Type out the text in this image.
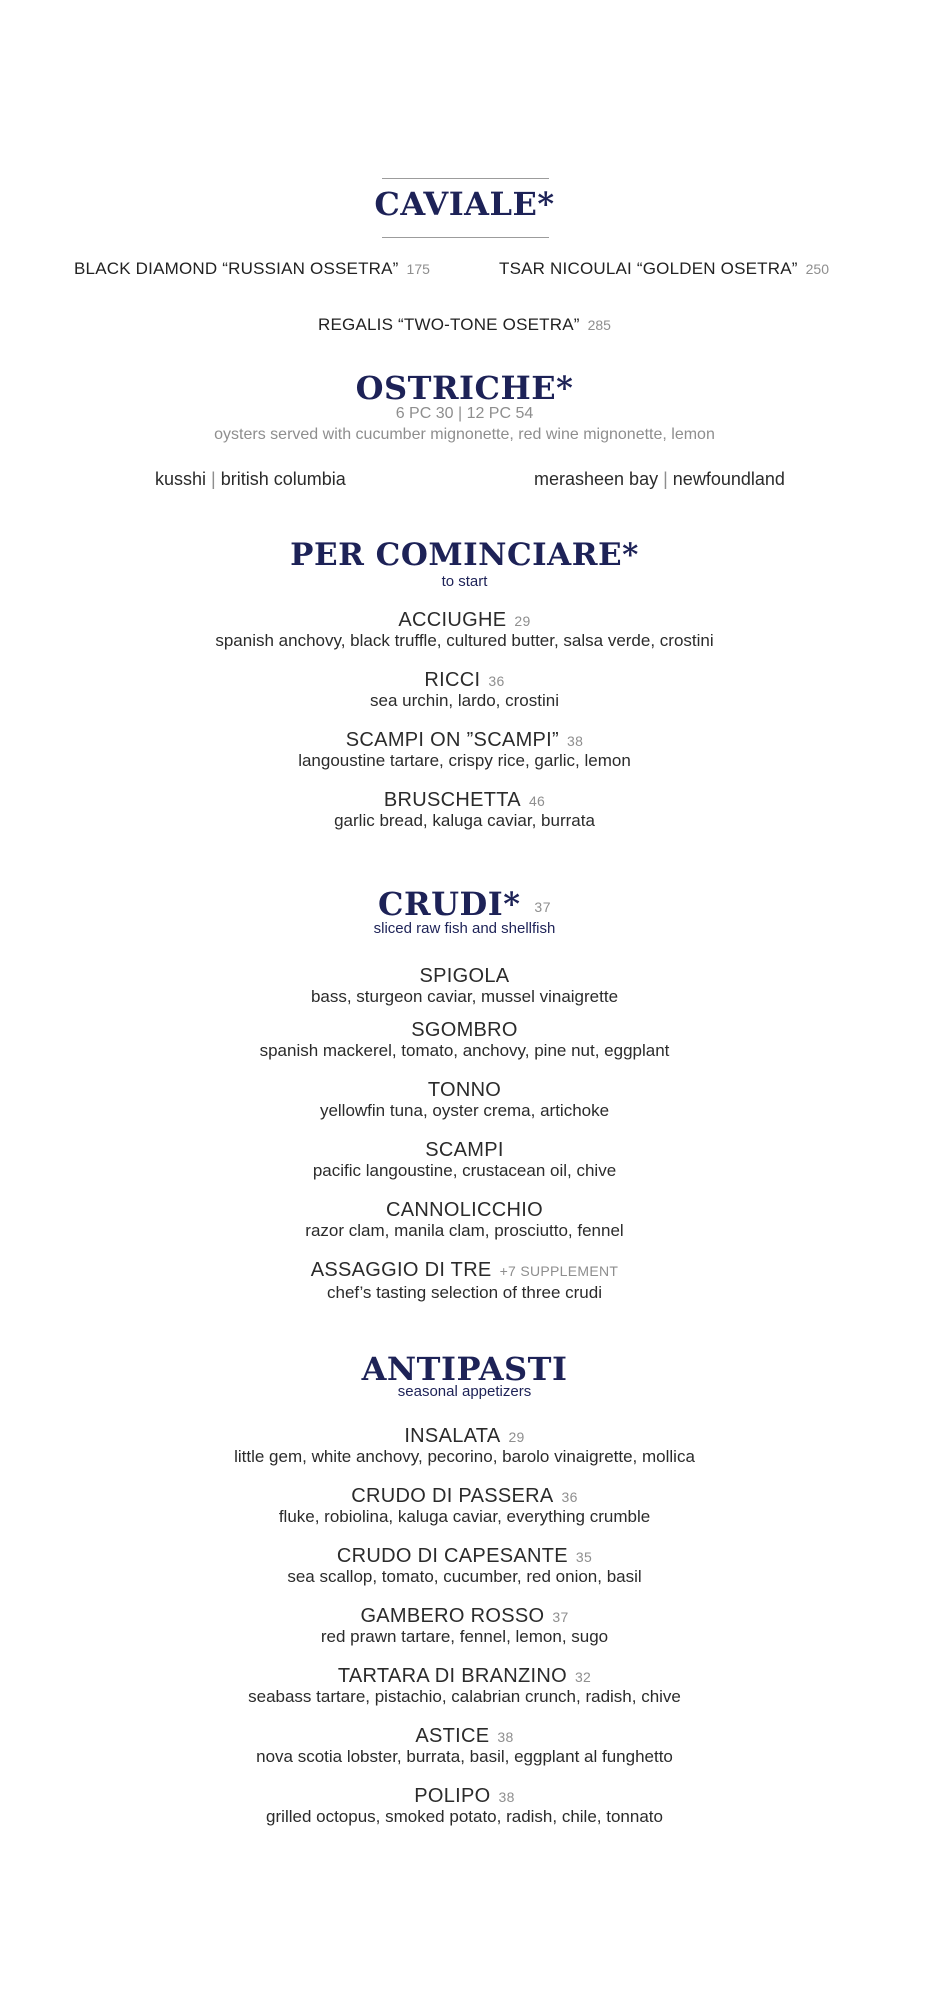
CAVIALE*
BLACK DIAMOND “RUSSIAN OSSETRA” 175	TSAR NICOULAI “GOLDEN OSETRA” 250
REGALIS “TWO-TONE OSETRA” 285
OSTRICHE*
6 PC 30 | 12 PC 54
oysters served with cucumber mignonette, red wine mignonette, lemon
kusshi | british columbia	merasheen bay | newfoundland
PER COMINCIARE*
to start
ACCIUGHE 29
spanish anchovy, black truffle, cultured butter, salsa verde, crostini
RICCI 36
sea urchin, lardo, crostini
SCAMPI ON ”SCAMPI” 38
langoustine tartare, crispy rice, garlic, lemon
BRUSCHETTA 46
garlic bread, kaluga caviar, burrata
CRUDI* 37
sliced raw fish and shellfish
SPIGOLA
bass, sturgeon caviar, mussel vinaigrette
SGOMBRO
spanish mackerel, tomato, anchovy, pine nut, eggplant
TONNO
yellowfin tuna, oyster crema, artichoke
SCAMPI
pacific langoustine, crustacean oil, chive
CANNOLICCHIO
razor clam, manila clam, prosciutto, fennel
ASSAGGIO DI TRE +7 SUPPLEMENT
chef’s tasting selection of three crudi
ANTIPASTI
seasonal appetizers
INSALATA 29
little gem, white anchovy, pecorino, barolo vinaigrette, mollica
CRUDO DI PASSERA 36
fluke, robiolina, kaluga caviar, everything crumble
CRUDO DI CAPESANTE 35
sea scallop, tomato, cucumber, red onion, basil
GAMBERO ROSSO 37
red prawn tartare, fennel, lemon, sugo
TARTARA DI BRANZINO 32
seabass tartare, pistachio, calabrian crunch, radish, chive
ASTICE 38
nova scotia lobster, burrata, basil, eggplant al funghetto
POLIPO 38
grilled octopus, smoked potato, radish, chile, tonnato
